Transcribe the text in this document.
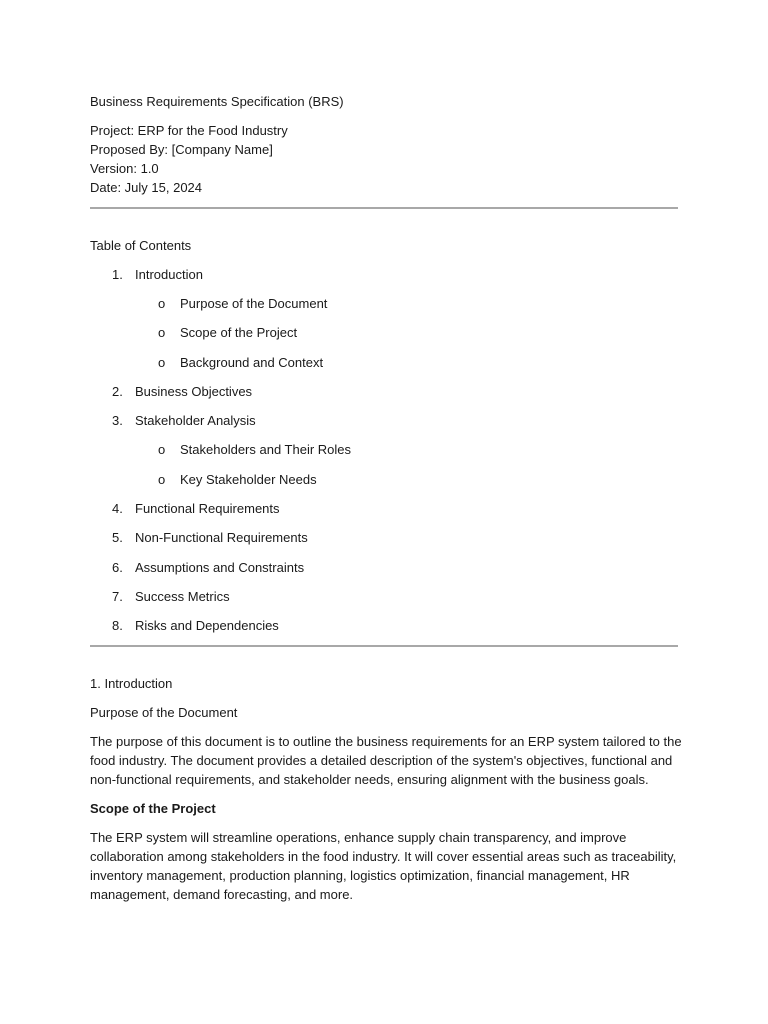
Business Requirements Specification (BRS)
Project: ERP for the Food Industry
Proposed By: [Company Name]
Version: 1.0
Date: July 15, 2024
Table of Contents
1. Introduction
o Purpose of the Document
o Scope of the Project
o Background and Context
2. Business Objectives
3. Stakeholder Analysis
o Stakeholders and Their Roles
o Key Stakeholder Needs
4. Functional Requirements
5. Non-Functional Requirements
6. Assumptions and Constraints
7. Success Metrics
8. Risks and Dependencies
1. Introduction
Purpose of the Document
The purpose of this document is to outline the business requirements for an ERP system tailored to the
food industry. The document provides a detailed description of the system's objectives, functional and
non-functional requirements, and stakeholder needs, ensuring alignment with the business goals.
Scope of the Project
The ERP system will streamline operations, enhance supply chain transparency, and improve
collaboration among stakeholders in the food industry. It will cover essential areas such as traceability,
inventory management, production planning, logistics optimization, financial management, HR
management, demand forecasting, and more.
